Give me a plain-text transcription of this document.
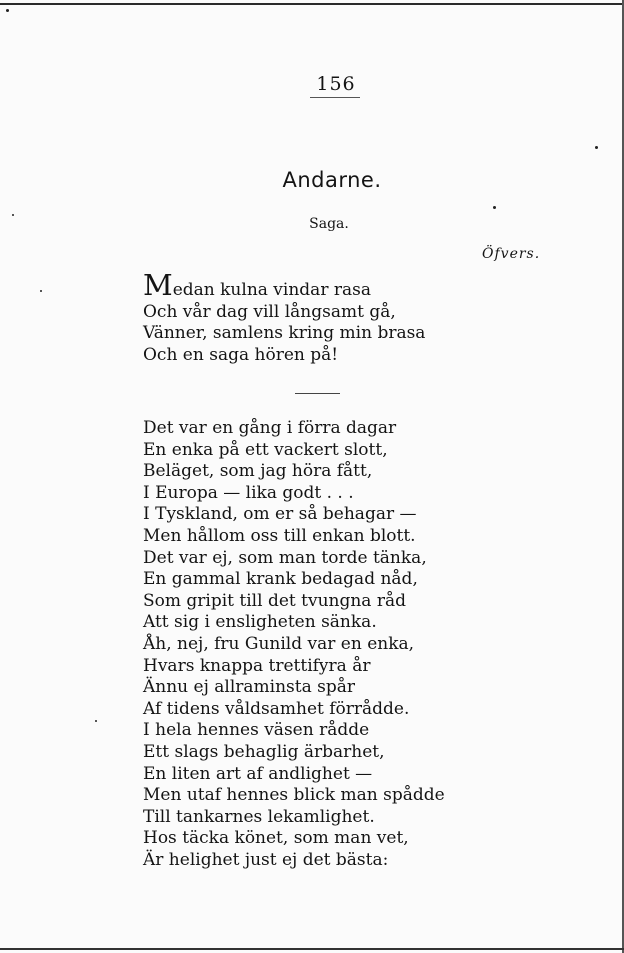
156
Andarne.
Saga.
Öfvers.
Medan kulna vindar rasa
Och vår dag vill långsamt gå,
Vänner, samlens kring min brasa
Och en saga hören på!
Det var en gång i förra dagar
En enka på ett vackert slott,
Beläget, som jag höra fått,
I Europa — lika godt . . .
I Tyskland, om er så behagar —
Men hållom oss till enkan blott.
Det var ej, som man torde tänka,
En gammal krank bedagad nåd,
Som gripit till det tvungna råd
Att sig i ensligheten sänka.
Åh, nej, fru Gunild var en enka,
Hvars knappa trettifyra år
Ännu ej allraminsta spår
Af tidens våldsamhet förrådde.
I hela hennes väsen rådde
Ett slags behaglig ärbarhet,
En liten art af andlighet —
Men utaf hennes blick man spådde
Till tankarnes lekamlighet.
Hos täcka könet, som man vet,
Är helighet just ej det bästa:
